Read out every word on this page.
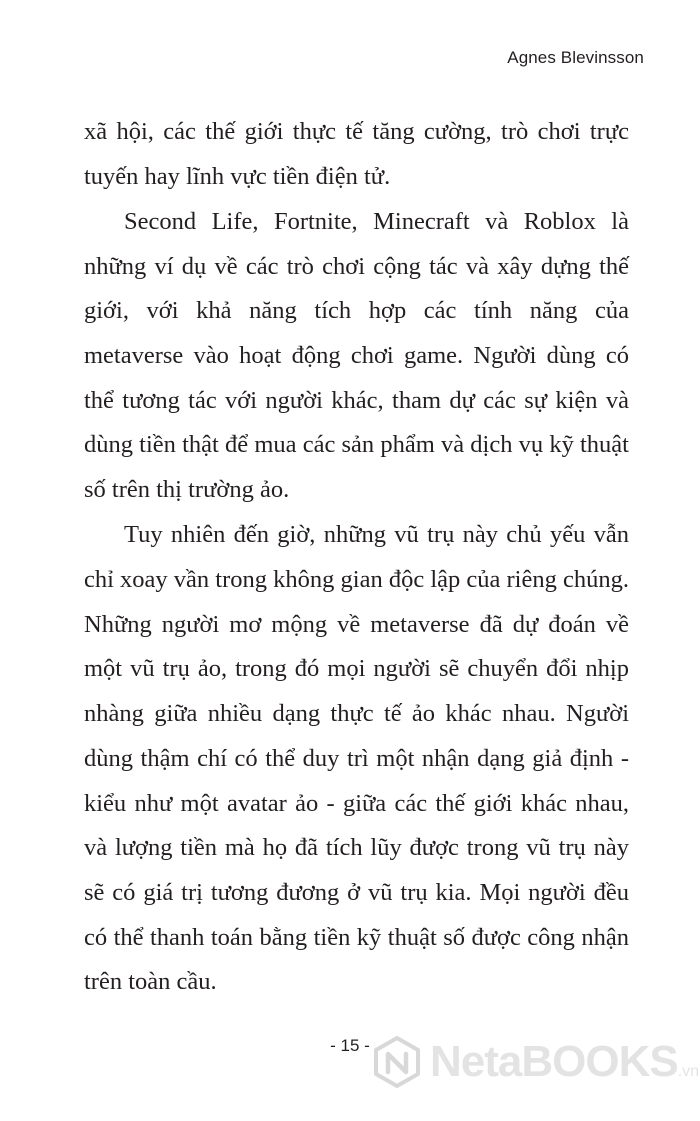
Agnes Blevinsson

xã hội, các thế giới thực tế tăng cường, trò chơi trực tuyến hay lĩnh vực tiền điện tử.

Second Life, Fortnite, Minecraft và Roblox là những ví dụ về các trò chơi cộng tác và xây dựng thế giới, với khả năng tích hợp các tính năng của metaverse vào hoạt động chơi game. Người dùng có thể tương tác với người khác, tham dự các sự kiện và dùng tiền thật để mua các sản phẩm và dịch vụ kỹ thuật số trên thị trường ảo.

Tuy nhiên đến giờ, những vũ trụ này chủ yếu vẫn chỉ xoay vần trong không gian độc lập của riêng chúng. Những người mơ mộng về metaverse đã dự đoán về một vũ trụ ảo, trong đó mọi người sẽ chuyển đổi nhịp nhàng giữa nhiều dạng thực tế ảo khác nhau. Người dùng thậm chí có thể duy trì một nhận dạng giả định - kiểu như một avatar ảo - giữa các thế giới khác nhau, và lượng tiền mà họ đã tích lũy được trong vũ trụ này sẽ có giá trị tương đương ở vũ trụ kia. Mọi người đều có thể thanh toán bằng tiền kỹ thuật số được công nhận trên toàn cầu.

- 15 -	NetaBOOKS.vn
